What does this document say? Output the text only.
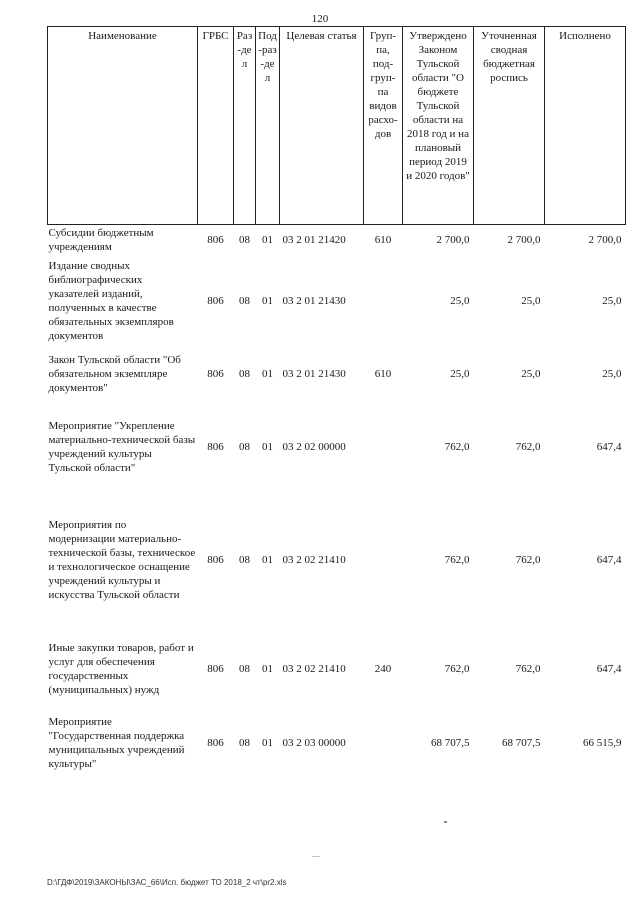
120
Наименование	ГРБС	Раз-дел	Под-раз-дел	Целевая статья	Груп-па, под-груп-па видов расхо-дов	Утверждено Законом Тульской области "О бюджете Тульской области на 2018 год и на плановый период 2019 и 2020 годов"	Уточненная сводная бюджетная роспись	Исполнено
Субсидии бюджетным учреждениям	806	08	01	03 2 01 21420	610	2 700,0	2 700,0	2 700,0
Издание сводных библиографических указателей изданий, полученных в качестве обязательных экземпляров документов	806	08	01	03 2 01 21430		25,0	25,0	25,0
Закон Тульской области "Об обязательном экземпляре документов"	806	08	01	03 2 01 21430	610	25,0	25,0	25,0
Мероприятие "Укрепление материально-технической базы учреждений культуры Тульской области"	806	08	01	03 2 02 00000		762,0	762,0	647,4
Мероприятия по модернизации материально-технической базы, техническое и технологическое оснащение учреждений культуры и искусства Тульской области	806	08	01	03 2 02 21410		762,0	762,0	647,4
Иные закупки товаров, работ и услуг для обеспечения государственных (муниципальных) нужд	806	08	01	03 2 02 21410	240	762,0	762,0	647,4
Мероприятие "Государственная поддержка муниципальных учреждений культуры"	806	08	01	03 2 03 00000		68 707,5	68 707,5	66 515,9
D:\ГДФ\2019\ЗАКОНЫ\ЗАС_66\Исп. бюджет ТО 2018_2 чт\pr2.xls
